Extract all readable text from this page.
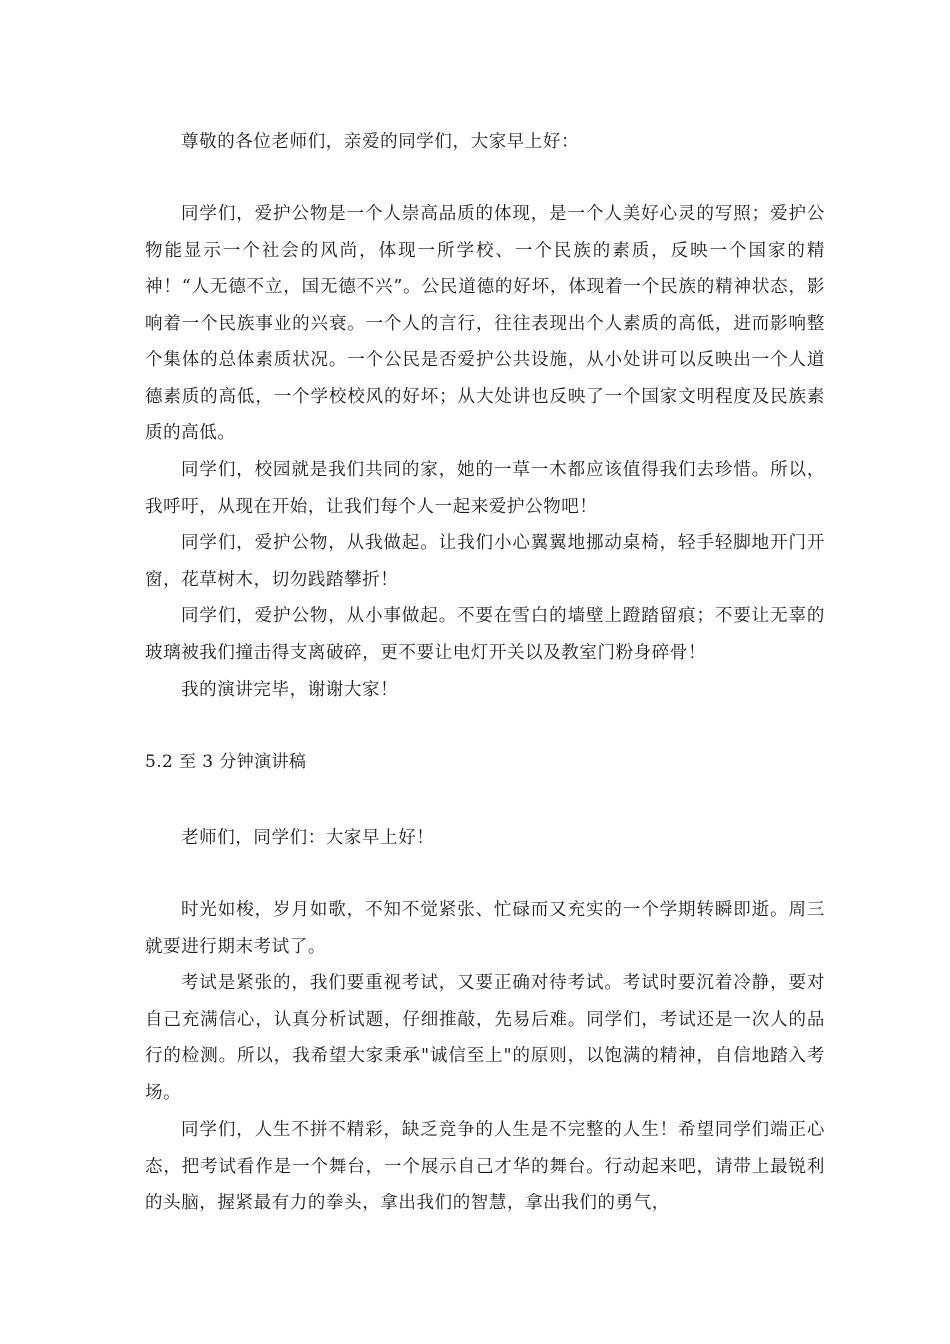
尊敬的各位老师们，亲爱的同学们，大家早上好：

同学们，爱护公物是一个人崇高品质的体现，是一个人美好心灵的写照；爱护公物能显示一个社会的风尚，体现一所学校、一个民族的素质，反映一个国家的精神！“人无德不立，国无德不兴”。公民道德的好坏，体现着一个民族的精神状态，影响着一个民族事业的兴衰。一个人的言行，往往表现出个人素质的高低，进而影响整个集体的总体素质状况。一个公民是否爱护公共设施，从小处讲可以反映出一个人道德素质的高低，一个学校校风的好坏；从大处讲也反映了一个国家文明程度及民族素质的高低。

同学们，校园就是我们共同的家，她的一草一木都应该值得我们去珍惜。所以，我呼吁，从现在开始，让我们每个人一起来爱护公物吧！

同学们，爱护公物，从我做起。让我们小心翼翼地挪动桌椅，轻手轻脚地开门开窗，花草树木，切勿践踏攀折！

同学们，爱护公物，从小事做起。不要在雪白的墙壁上蹬踏留痕；不要让无辜的玻璃被我们撞击得支离破碎，更不要让电灯开关以及教室门粉身碎骨！

我的演讲完毕，谢谢大家！

5.2 至 3 分钟演讲稿

老师们，同学们：大家早上好！

时光如梭，岁月如歌，不知不觉紧张、忙碌而又充实的一个学期转瞬即逝。周三就要进行期末考试了。

考试是紧张的，我们要重视考试，又要正确对待考试。考试时要沉着冷静，要对自己充满信心，认真分析试题，仔细推敲，先易后难。同学们，考试还是一次人的品行的检测。所以，我希望大家秉承"诚信至上"的原则，以饱满的精神，自信地踏入考场。

同学们，人生不拼不精彩，缺乏竞争的人生是不完整的人生！希望同学们端正心态，把考试看作是一个舞台，一个展示自己才华的舞台。行动起来吧，请带上最锐利的头脑，握紧最有力的拳头，拿出我们的智慧，拿出我们的勇气，
